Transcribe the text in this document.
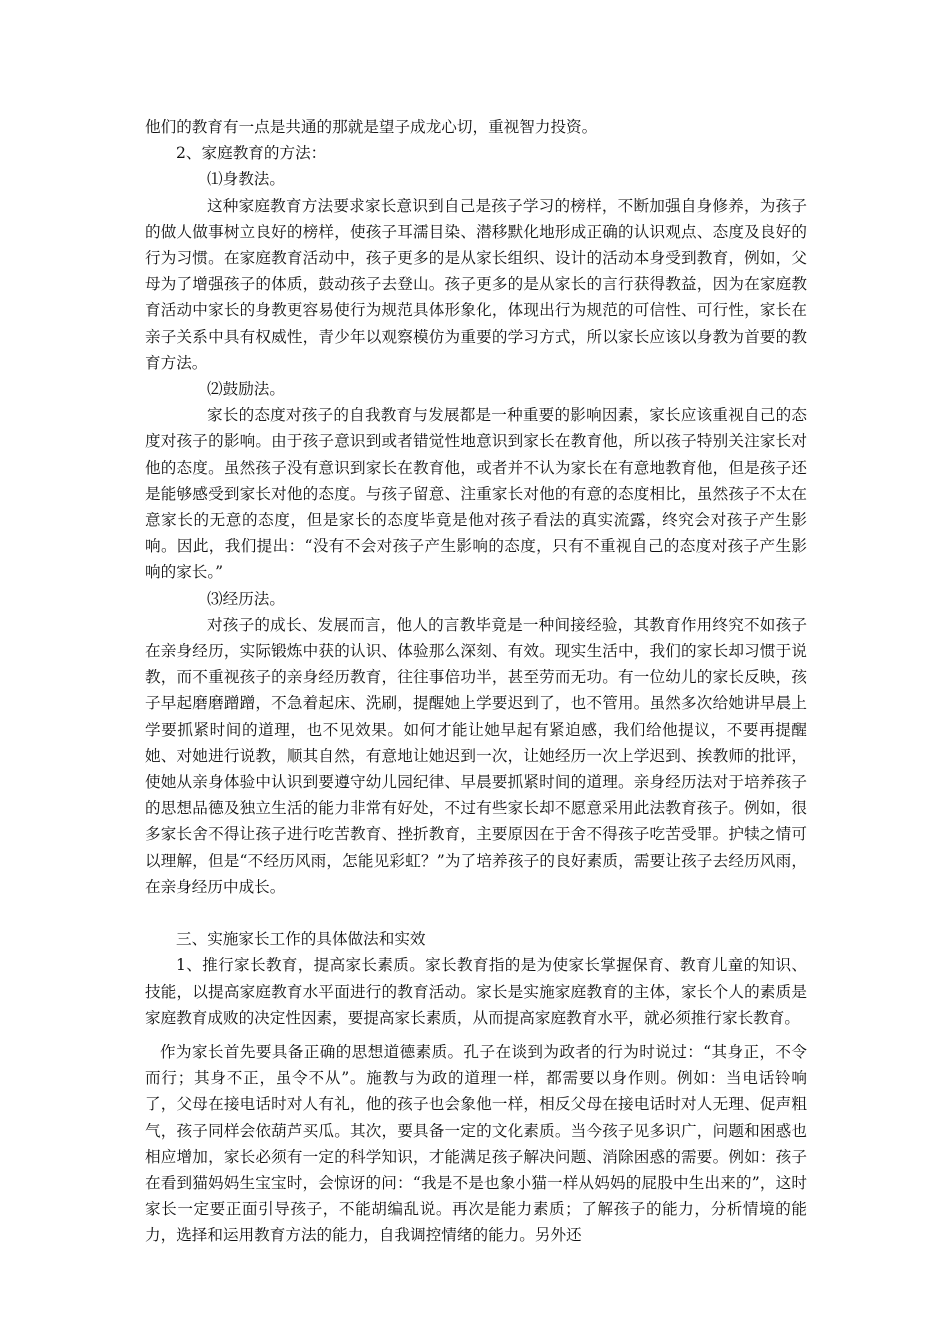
他们的教育有一点是共通的那就是望子成龙心切，重视智力投资。

2、家庭教育的方法：

⑴身教法。

这种家庭教育方法要求家长意识到自己是孩子学习的榜样，不断加强自身修养，为孩子的做人做事树立良好的榜样，使孩子耳濡目染、潜移默化地形成正确的认识观点、态度及良好的行为习惯。在家庭教育活动中，孩子更多的是从家长组织、设计的活动本身受到教育，例如，父母为了增强孩子的体质，鼓动孩子去登山。孩子更多的是从家长的言行获得教益，因为在家庭教育活动中家长的身教更容易使行为规范具体形象化，体现出行为规范的可信性、可行性，家长在亲子关系中具有权威性，青少年以观察模仿为重要的学习方式，所以家长应该以身教为首要的教育方法。

⑵鼓励法。

家长的态度对孩子的自我教育与发展都是一种重要的影响因素，家长应该重视自己的态度对孩子的影响。由于孩子意识到或者错觉性地意识到家长在教育他，所以孩子特别关注家长对他的态度。虽然孩子没有意识到家长在教育他，或者并不认为家长在有意地教育他，但是孩子还是能够感受到家长对他的态度。与孩子留意、注重家长对他的有意的态度相比，虽然孩子不太在意家长的无意的态度，但是家长的态度毕竟是他对孩子看法的真实流露，终究会对孩子产生影响。因此，我们提出：“没有不会对孩子产生影响的态度，只有不重视自己的态度对孩子产生影响的家长。”

⑶经历法。

对孩子的成长、发展而言，他人的言教毕竟是一种间接经验，其教育作用终究不如孩子在亲身经历，实际锻炼中获的认识、体验那么深刻、有效。现实生活中，我们的家长却习惯于说教，而不重视孩子的亲身经历教育，往往事倍功半，甚至劳而无功。有一位幼儿的家长反映，孩子早起磨磨蹭蹭，不急着起床、洗刷，提醒她上学要迟到了，也不管用。虽然多次给她讲早晨上学要抓紧时间的道理，也不见效果。如何才能让她早起有紧迫感，我们给他提议，不要再提醒她、对她进行说教，顺其自然，有意地让她迟到一次，让她经历一次上学迟到、挨教师的批评，使她从亲身体验中认识到要遵守幼儿园纪律、早晨要抓紧时间的道理。亲身经历法对于培养孩子的思想品德及独立生活的能力非常有好处，不过有些家长却不愿意采用此法教育孩子。例如，很多家长舍不得让孩子进行吃苦教育、挫折教育，主要原因在于舍不得孩子吃苦受罪。护犊之情可以理解，但是“不经历风雨，怎能见彩虹？”为了培养孩子的良好素质，需要让孩子去经历风雨，在亲身经历中成长。

三、实施家长工作的具体做法和实效

1、推行家长教育，提高家长素质。家长教育指的是为使家长掌握保育、教育儿童的知识、技能，以提高家庭教育水平面进行的教育活动。家长是实施家庭教育的主体，家长个人的素质是家庭教育成败的决定性因素，要提高家长素质，从而提高家庭教育水平，就必须推行家长教育。

作为家长首先要具备正确的思想道德素质。孔子在谈到为政者的行为时说过：“其身正，不令而行；其身不正，虽令不从”。施教与为政的道理一样，都需要以身作则。例如：当电话铃响了，父母在接电话时对人有礼，他的孩子也会象他一样，相反父母在接电话时对人无理、促声粗气，孩子同样会依葫芦买瓜。其次，要具备一定的文化素质。当今孩子见多识广，问题和困惑也相应增加，家长必须有一定的科学知识，才能满足孩子解决问题、消除困惑的需要。例如：孩子在看到猫妈妈生宝宝时，会惊讶的问：“我是不是也象小猫一样从妈妈的屁股中生出来的”，这时家长一定要正面引导孩子，不能胡编乱说。再次是能力素质；了解孩子的能力，分析情境的能力，选择和运用教育方法的能力，自我调控情绪的能力。另外还
